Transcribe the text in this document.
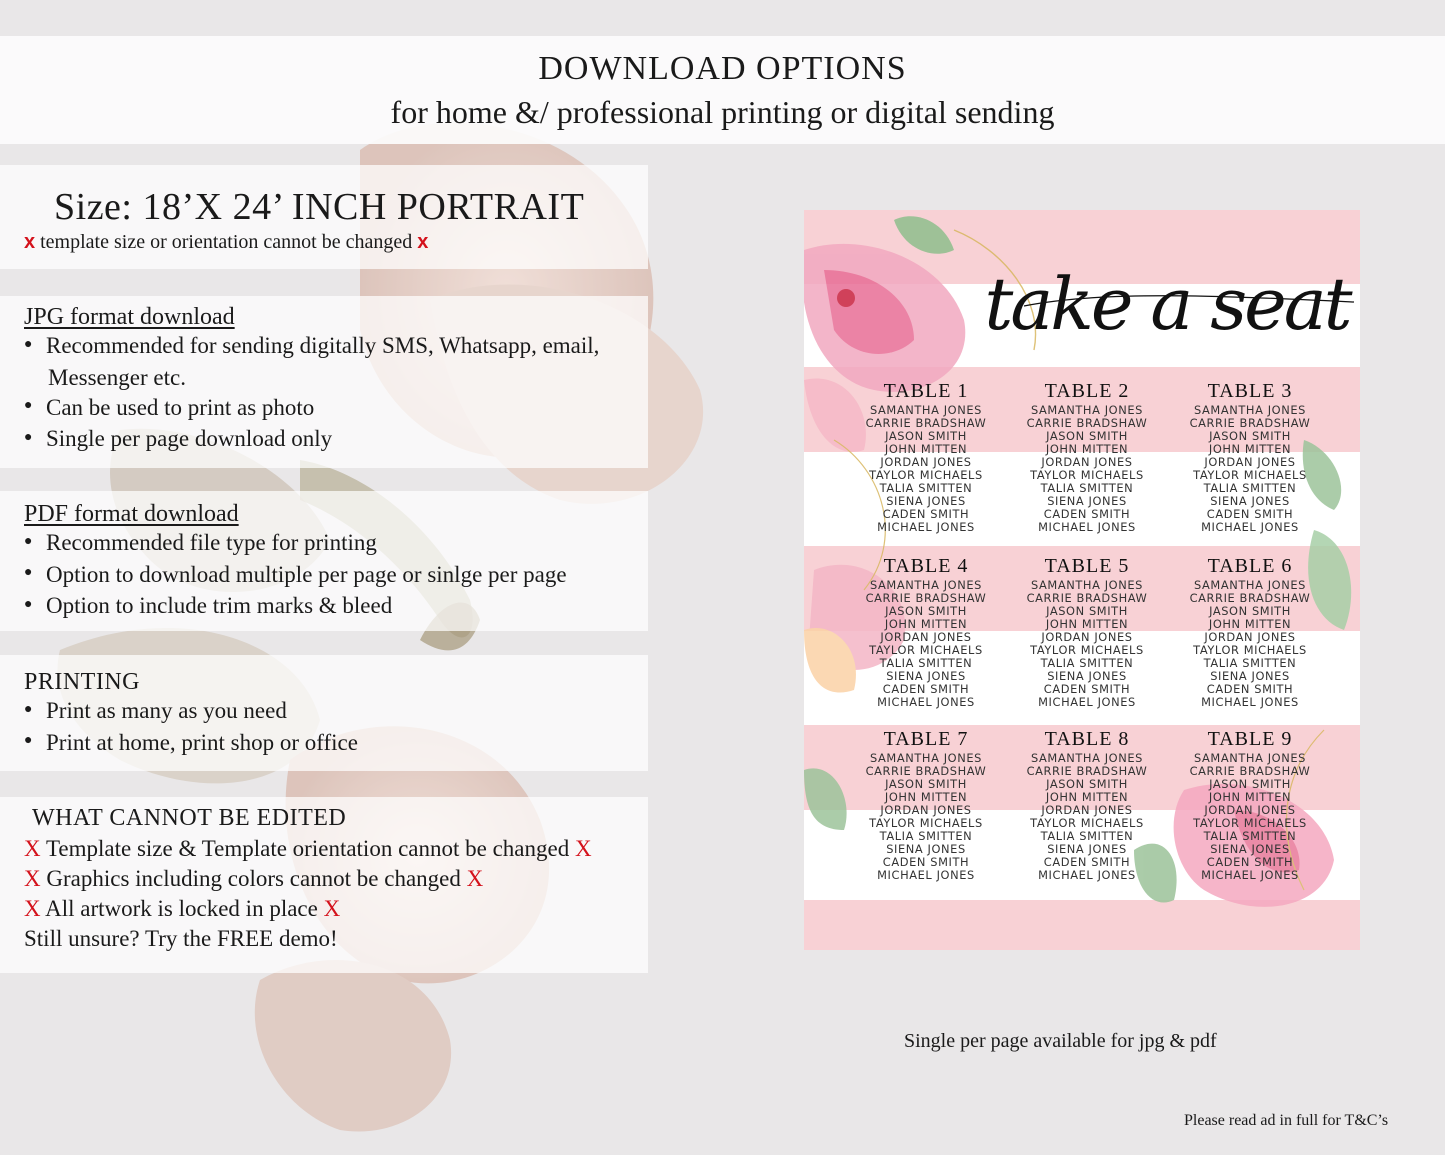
DOWNLOAD OPTIONS
for home &/ professional printing or digital sending
Size: 18’X 24’ INCH PORTRAIT
x template size or orientation cannot be changed x
JPG format download
● Recommended for sending digitally SMS, Whatsapp, email,
Messenger etc.
● Can be used to print as photo
● Single per page download only
PDF format download
● Recommended file type for printing
● Option to download multiple per page or sinlge per page
● Option to include trim marks & bleed
PRINTING
● Print as many as you need
● Print at home, print shop or office
WHAT CANNOT BE EDITED
X Template size & Template orientation cannot be changed X
X Graphics including colors cannot be changed X
X All artwork is locked in place X
Still unsure? Try the FREE demo!
take a seat
TABLE 1
SAMANTHA JONES
CARRIE BRADSHAW
JASON SMITH
JOHN MITTEN
JORDAN JONES
TAYLOR MICHAELS
TALIA SMITTEN
SIENA JONES
CADEN SMITH
MICHAEL JONES
TABLE 2
SAMANTHA JONES
CARRIE BRADSHAW
JASON SMITH
JOHN MITTEN
JORDAN JONES
TAYLOR MICHAELS
TALIA SMITTEN
SIENA JONES
CADEN SMITH
MICHAEL JONES
TABLE 3
SAMANTHA JONES
CARRIE BRADSHAW
JASON SMITH
JOHN MITTEN
JORDAN JONES
TAYLOR MICHAELS
TALIA SMITTEN
SIENA JONES
CADEN SMITH
MICHAEL JONES
TABLE 4
SAMANTHA JONES
CARRIE BRADSHAW
JASON SMITH
JOHN MITTEN
JORDAN JONES
TAYLOR MICHAELS
TALIA SMITTEN
SIENA JONES
CADEN SMITH
MICHAEL JONES
TABLE 5
SAMANTHA JONES
CARRIE BRADSHAW
JASON SMITH
JOHN MITTEN
JORDAN JONES
TAYLOR MICHAELS
TALIA SMITTEN
SIENA JONES
CADEN SMITH
MICHAEL JONES
TABLE 6
SAMANTHA JONES
CARRIE BRADSHAW
JASON SMITH
JOHN MITTEN
JORDAN JONES
TAYLOR MICHAELS
TALIA SMITTEN
SIENA JONES
CADEN SMITH
MICHAEL JONES
TABLE 7
SAMANTHA JONES
CARRIE BRADSHAW
JASON SMITH
JOHN MITTEN
JORDAN JONES
TAYLOR MICHAELS
TALIA SMITTEN
SIENA JONES
CADEN SMITH
MICHAEL JONES
TABLE 8
SAMANTHA JONES
CARRIE BRADSHAW
JASON SMITH
JOHN MITTEN
JORDAN JONES
TAYLOR MICHAELS
TALIA SMITTEN
SIENA JONES
CADEN SMITH
MICHAEL JONES
TABLE 9
SAMANTHA JONES
CARRIE BRADSHAW
JASON SMITH
JOHN MITTEN
JORDAN JONES
TAYLOR MICHAELS
TALIA SMITTEN
SIENA JONES
CADEN SMITH
MICHAEL JONES
Single per page available for jpg & pdf
Please read ad in full for T&C’s
